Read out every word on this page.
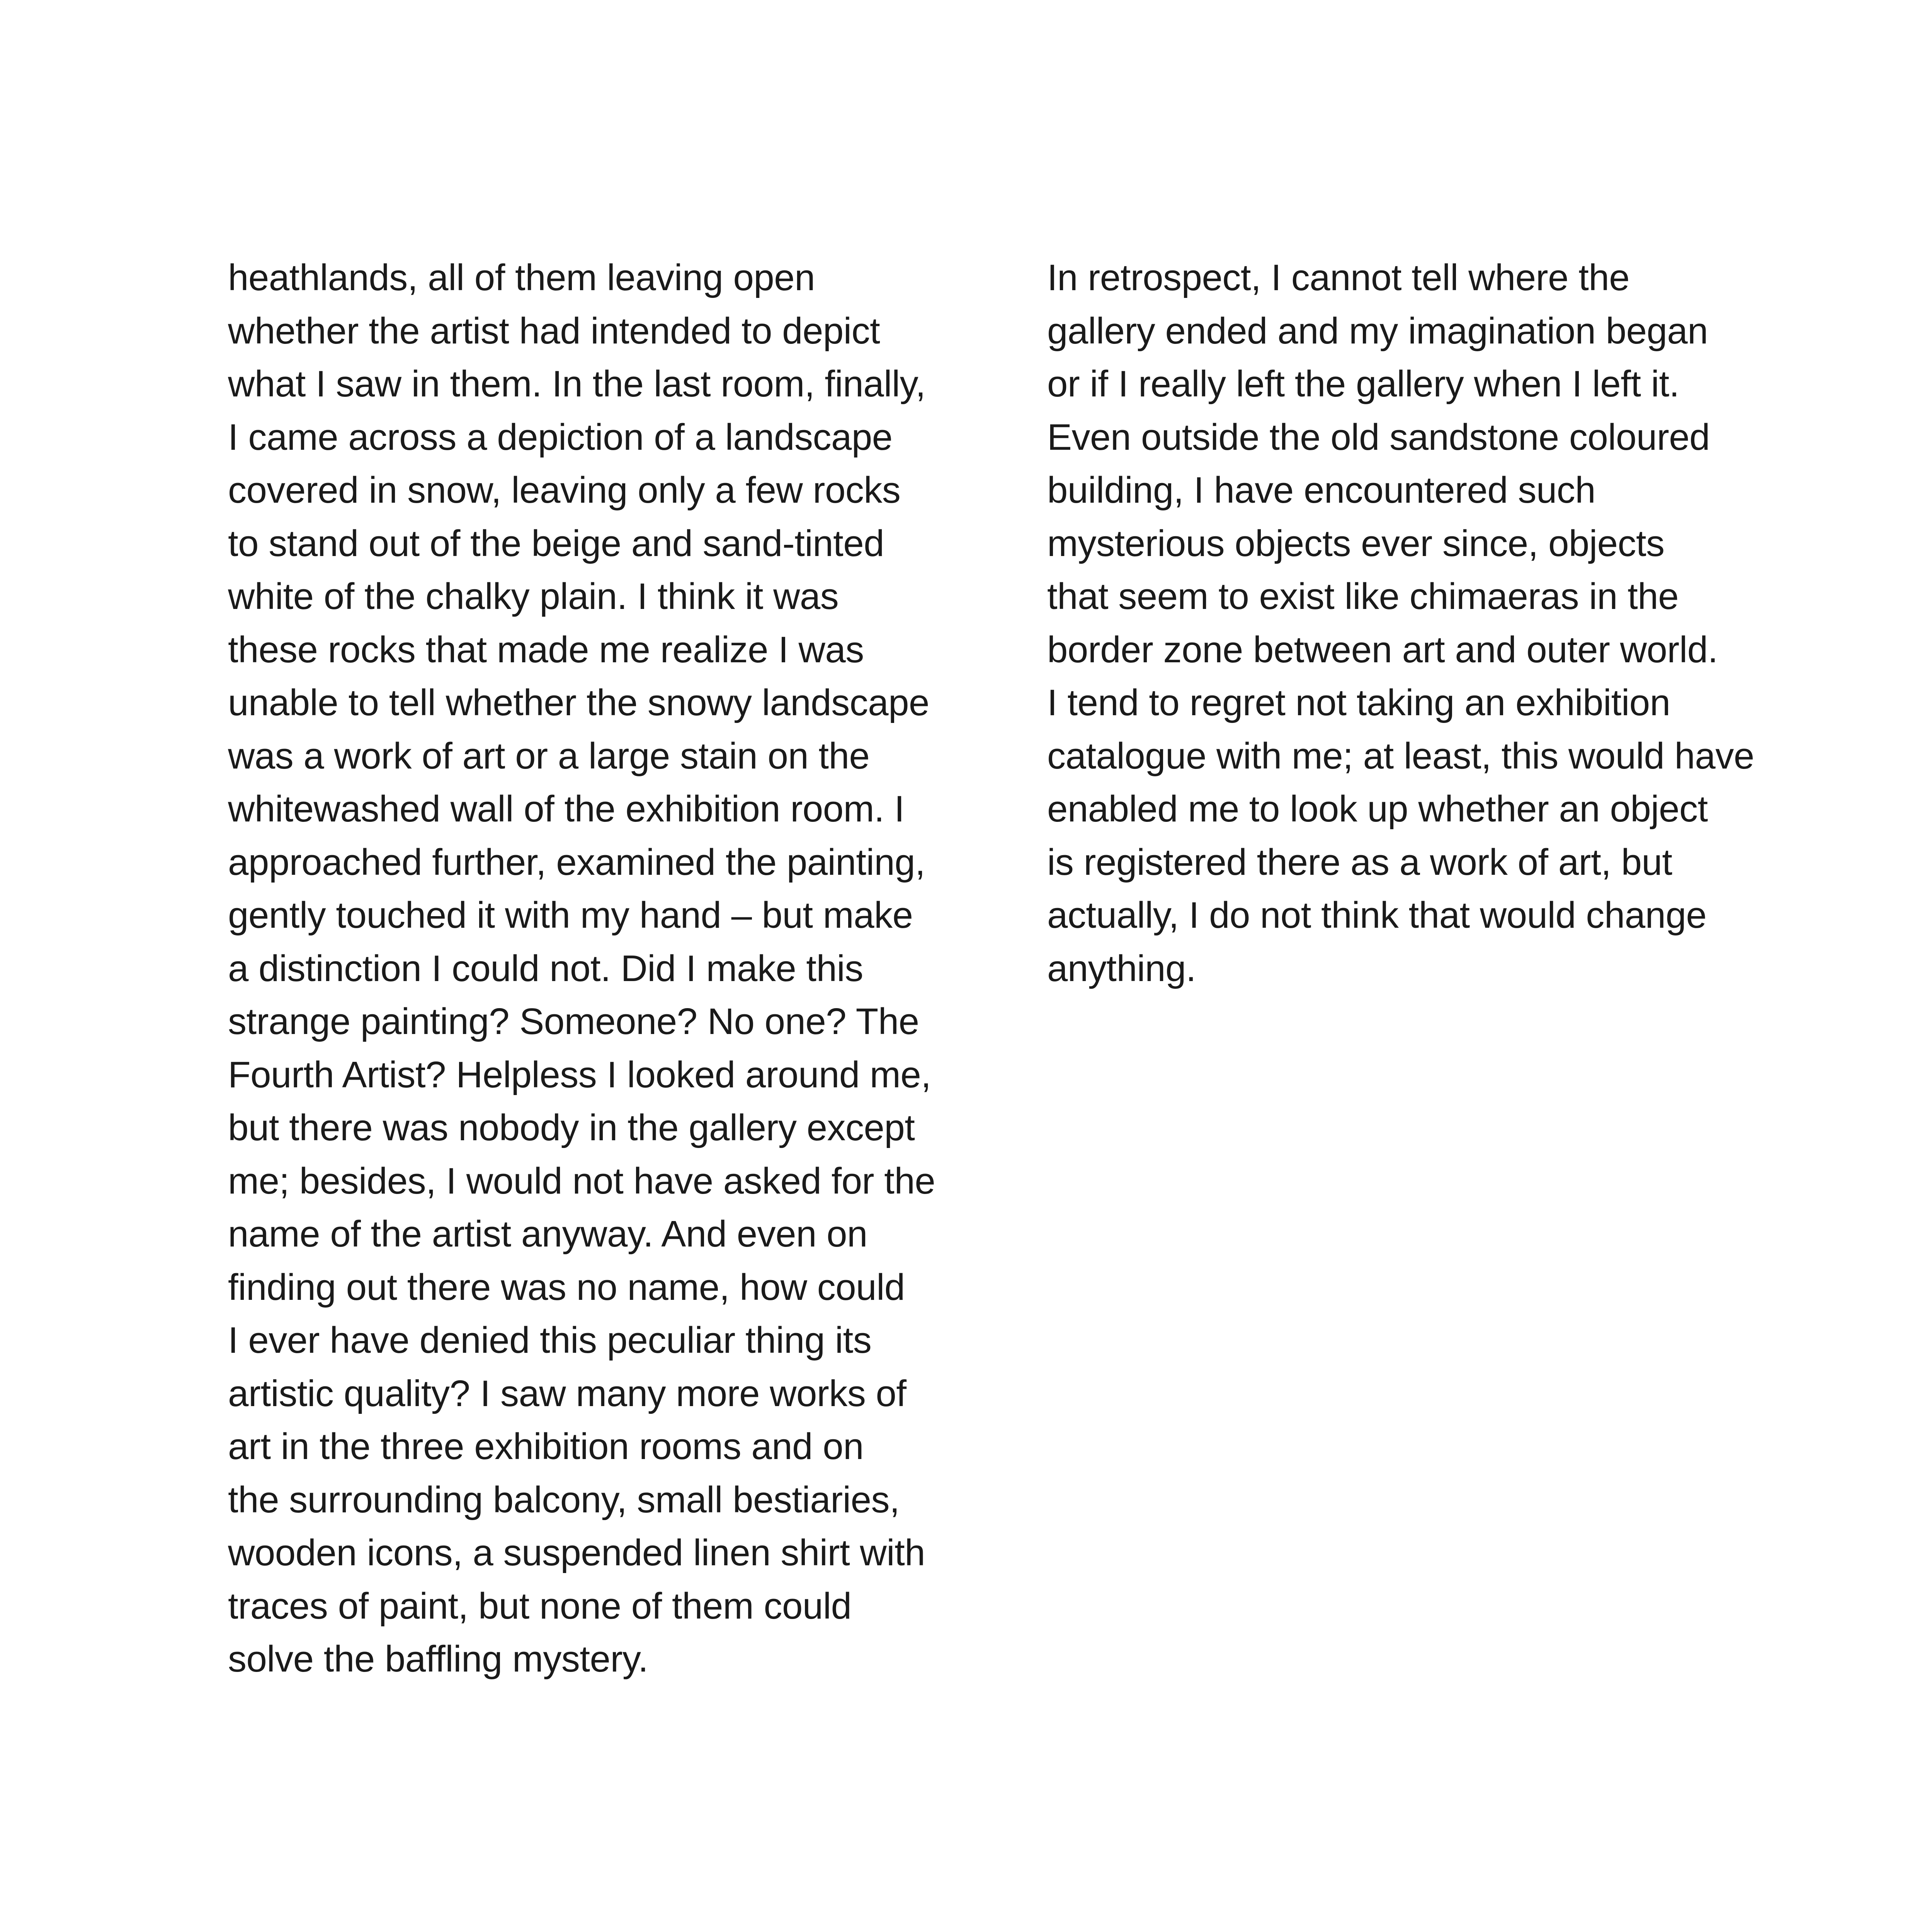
heathlands, all of them leaving open
whether the artist had intended to depict
what I saw in them. In the last room, finally,
I came across a depiction of a landscape
covered in snow, leaving only a few rocks
to stand out of the beige and sand-tinted
white of the chalky plain. I think it was
these rocks that made me realize I was
unable to tell whether the snowy landscape
was a work of art or a large stain on the
whitewashed wall of the exhibition room. I
approached further, examined the painting,
gently touched it with my hand – but make
a distinction I could not. Did I make this
strange painting? Someone? No one? The
Fourth Artist? Helpless I looked around me,
but there was nobody in the gallery except
me; besides, I would not have asked for the
name of the artist anyway. And even on
finding out there was no name, how could
I ever have denied this peculiar thing its
artistic quality? I saw many more works of
art in the three exhibition rooms and on
the surrounding balcony, small bestiaries,
wooden icons, a suspended linen shirt with
traces of paint, but none of them could
solve the baffling mystery.
In retrospect, I cannot tell where the
gallery ended and my imagination began
or if I really left the gallery when I left it.
Even outside the old sandstone coloured
building, I have encountered such
mysterious objects ever since, objects
that seem to exist like chimaeras in the
border zone between art and outer world.
I tend to regret not taking an exhibition
catalogue with me; at least, this would have
enabled me to look up whether an object
is registered there as a work of art, but
actually, I do not think that would change
anything.
